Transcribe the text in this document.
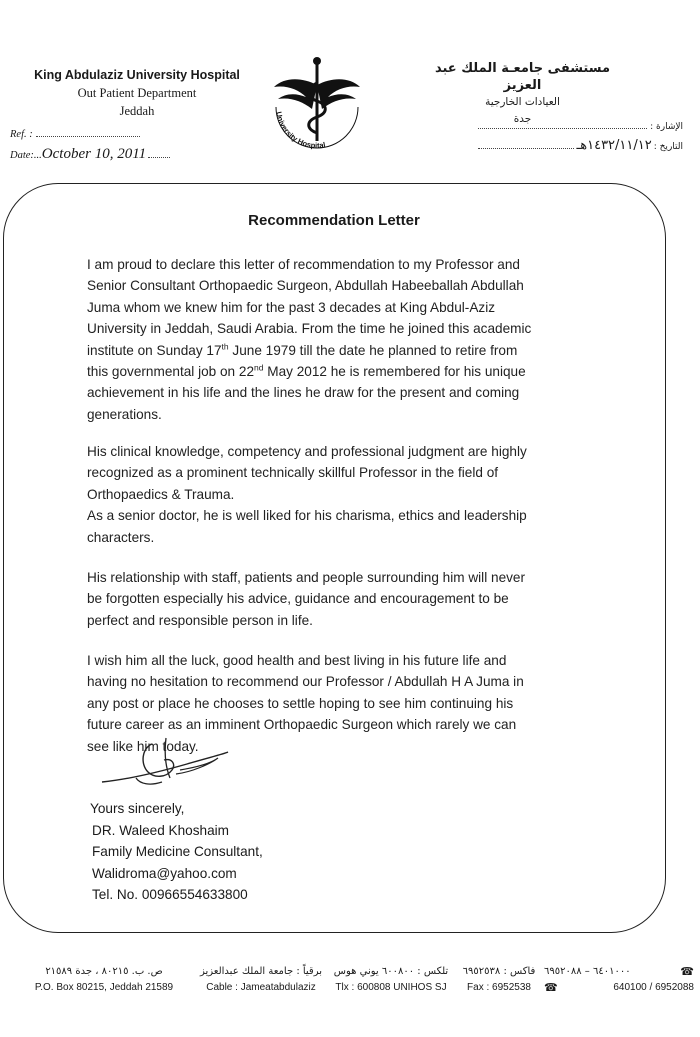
King Abdulaziz University Hospital
Out Patient Department
Jeddah
Ref. :
Date:... October 10, 2011
University Hospital
مستشفى جامعـة الملك عبد العزيز
العيادات الخارجية
جدة
الإشارة :
التاريخ :
١٤٣٢/١١/١٢هـ
Recommendation Letter

I am proud to declare this letter of recommendation to my Professor and Senior Consultant Orthopaedic Surgeon, Abdullah Habeeballah Abdullah Juma whom we knew him for the past 3 decades at King Abdul-Aziz University in Jeddah, Saudi Arabia. From the time he joined this academic institute on Sunday 17th June 1979 till the date he planned to retire from this governmental job on 22nd May 2012 he is remembered for his unique achievement in his life and the lines he draw for the present and coming generations.

His clinical knowledge, competency and professional judgment are highly recognized as a prominent technically skillful Professor in the field of Orthopaedics & Trauma.

As a senior doctor, he is well liked for his charisma, ethics and leadership characters.

His relationship with staff, patients and people surrounding him will never be forgotten especially his advice, guidance and encouragement to be perfect and responsible person in life.

I wish him all the luck, good health and best living in his future life and having no hesitation to recommend our Professor / Abdullah H A Juma in any post or place he chooses to settle hoping to see him continuing his future career as an imminent Orthopaedic Surgeon which rarely we can see like him today.

Yours sincerely,
DR. Waleed Khoshaim
Family Medicine Consultant,
Walidroma@yahoo.com
Tel. No. 00966554633800
ص. ب. ٨٠٢١٥ ، جدة ٢١٥٨٩
P.O. Box 80215, Jeddah 21589
برقياً : جامعة الملك عبدالعزيز
Cable : Jameatabdulaziz
تلكس : ٦٠٠٨٠٠ يوني هوس
Tlx : 600808 UNIHOS SJ
فاكس : ٦٩٥٢٥٣٨
Fax : 6952538
٦٤٠١٠٠٠ – ٦٩٥٢٠٨٨	☎
☎	640100 / 6952088
